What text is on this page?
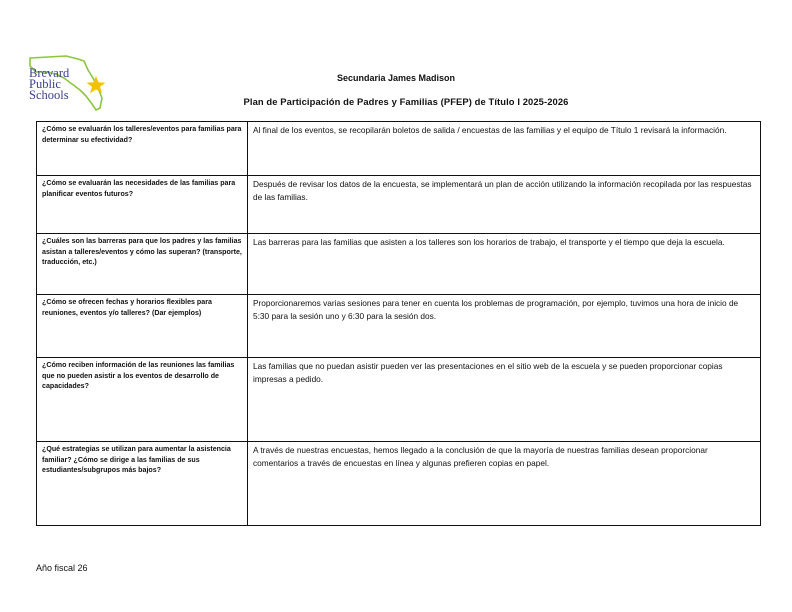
Brevard
Public
Schools
Secundaria James Madison
Plan de Participación de Padres y Familias (PFEP) de Título I 2025-2026
¿Cómo se evaluarán los talleres/eventos para familias para determinar su efectividad?	Al final de los eventos, se recopilarán boletos de salida / encuestas de las familias y el equipo de Título 1 revisará la información.
¿Cómo se evaluarán las necesidades de las familias para planificar eventos futuros?	Después de revisar los datos de la encuesta, se implementará un plan de acción utilizando la información recopilada por las respuestas de las familias.
¿Cuáles son las barreras para que los padres y las familias asistan a talleres/eventos y cómo las superan? (transporte, traducción, etc.)	Las barreras para las familias que asisten a los talleres son los horarios de trabajo, el transporte y el tiempo que deja la escuela.
¿Cómo se ofrecen fechas y horarios flexibles para reuniones, eventos y/o talleres? (Dar ejemplos)	Proporcionaremos varias sesiones para tener en cuenta los problemas de programación, por ejemplo, tuvimos una hora de inicio de 5:30 para la sesión uno y 6:30 para la sesión dos.
¿Cómo reciben información de las reuniones las familias que no pueden asistir a los eventos de desarrollo de capacidades?	Las familias que no puedan asistir pueden ver las presentaciones en el sitio web de la escuela y se pueden proporcionar copias impresas a pedido.
¿Qué estrategias se utilizan para aumentar la asistencia familiar? ¿Cómo se dirige a las familias de sus estudiantes/subgrupos más bajos?	A través de nuestras encuestas, hemos llegado a la conclusión de que la mayoría de nuestras familias desean proporcionar comentarios a través de encuestas en línea y algunas prefieren copias en papel.
Año fiscal 26
